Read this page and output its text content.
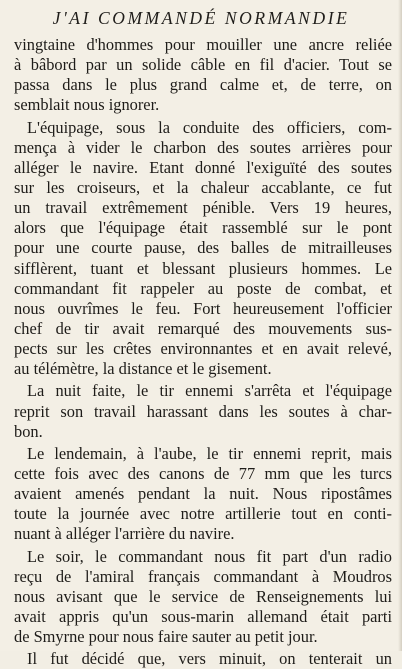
J'AI COMMANDÉ NORMANDIE
vingtaine d'hommes pour mouiller une ancre reliée
à bâbord par un solide câble en fil d'acier. Tout se
passa dans le plus grand calme et, de terre, on
semblait nous ignorer.
L'équipage, sous la conduite des officiers, com-
mença à vider le charbon des soutes arrières pour
alléger le navire. Etant donné l'exiguïté des soutes
sur les croiseurs, et la chaleur accablante, ce fut
un travail extrêmement pénible. Vers 19 heures,
alors que l'équipage était rassemblé sur le pont
pour une courte pause, des balles de mitrailleuses
sifflèrent, tuant et blessant plusieurs hommes. Le
commandant fit rappeler au poste de combat, et
nous ouvrîmes le feu. Fort heureusement l'officier
chef de tir avait remarqué des mouvements sus-
pects sur les crêtes environnantes et en avait relevé,
au télémètre, la distance et le gisement.
La nuit faite, le tir ennemi s'arrêta et l'équipage
reprit son travail harassant dans les soutes à char-
bon.
Le lendemain, à l'aube, le tir ennemi reprit, mais
cette fois avec des canons de 77 mm que les turcs
avaient amenés pendant la nuit. Nous ripostâmes
toute la journée avec notre artillerie tout en conti-
nuant à alléger l'arrière du navire.
Le soir, le commandant nous fit part d'un radio
reçu de l'amiral français commandant à Moudros
nous avisant que le service de Renseignements lui
avait appris qu'un sous-marin allemand était parti
de Smyrne pour nous faire sauter au petit jour.
Il fut décidé que, vers minuit, on tenterait un
